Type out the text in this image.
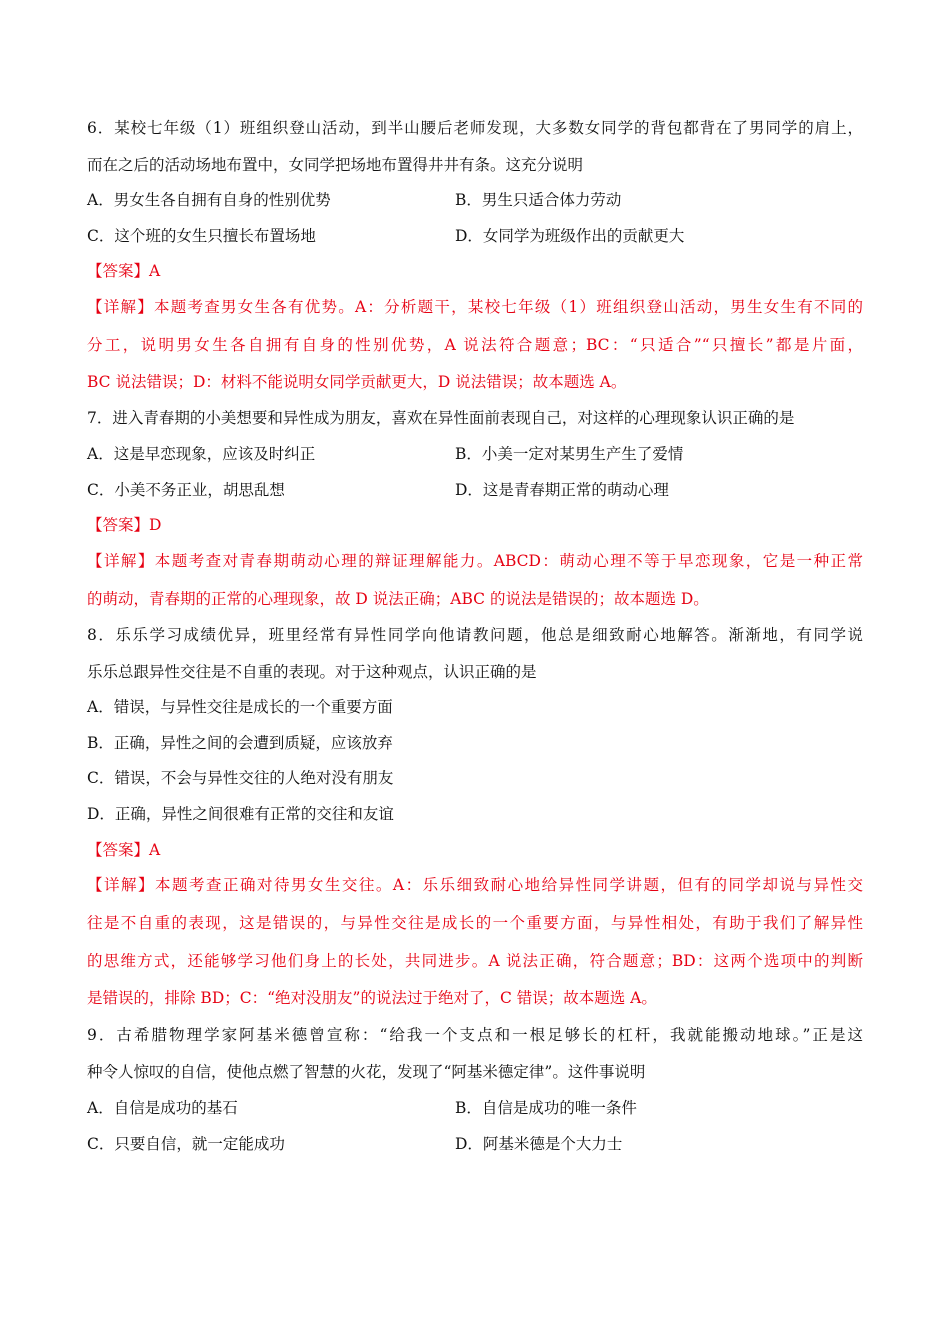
6．某校七年级（1）班组织登山活动，到半山腰后老师发现，大多数女同学的背包都背在了男同学的肩上，
而在之后的活动场地布置中，女同学把场地布置得井井有条。这充分说明
A．男女生各自拥有自身的性别优势	B．男生只适合体力劳动
C．这个班的女生只擅长布置场地	D．女同学为班级作出的贡献更大
【答案】A
【详解】本题考查男女生各有优势。A：分析题干，某校七年级（1）班组织登山活动，男生女生有不同的
分工，说明男女生各自拥有自身的性别优势，A 说法符合题意；BC：“只适合”“只擅长”都是片面，
BC 说法错误；D：材料不能说明女同学贡献更大，D 说法错误；故本题选 A。
7．进入青春期的小美想要和异性成为朋友，喜欢在异性面前表现自己，对这样的心理现象认识正确的是
A．这是早恋现象，应该及时纠正	B．小美一定对某男生产生了爱情
C．小美不务正业，胡思乱想	D．这是青春期正常的萌动心理
【答案】D
【详解】本题考查对青春期萌动心理的辩证理解能力。ABCD：萌动心理不等于早恋现象，它是一种正常
的萌动，青春期的正常的心理现象，故 D 说法正确；ABC 的说法是错误的；故本题选 D。
8．乐乐学习成绩优异，班里经常有异性同学向他请教问题，他总是细致耐心地解答。渐渐地，有同学说
乐乐总跟异性交往是不自重的表现。对于这种观点，认识正确的是
A．错误，与异性交往是成长的一个重要方面
B．正确，异性之间的会遭到质疑，应该放弃
C．错误，不会与异性交往的人绝对没有朋友
D．正确，异性之间很难有正常的交往和友谊
【答案】A
【详解】本题考查正确对待男女生交往。A：乐乐细致耐心地给异性同学讲题，但有的同学却说与异性交
往是不自重的表现，这是错误的，与异性交往是成长的一个重要方面，与异性相处，有助于我们了解异性
的思维方式，还能够学习他们身上的长处，共同进步。A 说法正确，符合题意；BD：这两个选项中的判断
是错误的，排除 BD；C：“绝对没朋友”的说法过于绝对了，C 错误；故本题选 A。
9．古希腊物理学家阿基米德曾宣称：“给我一个支点和一根足够长的杠杆，我就能搬动地球。”正是这
种令人惊叹的自信，使他点燃了智慧的火花，发现了“阿基米德定律”。这件事说明
A．自信是成功的基石	B．自信是成功的唯一条件
C．只要自信，就一定能成功	D．阿基米德是个大力士
